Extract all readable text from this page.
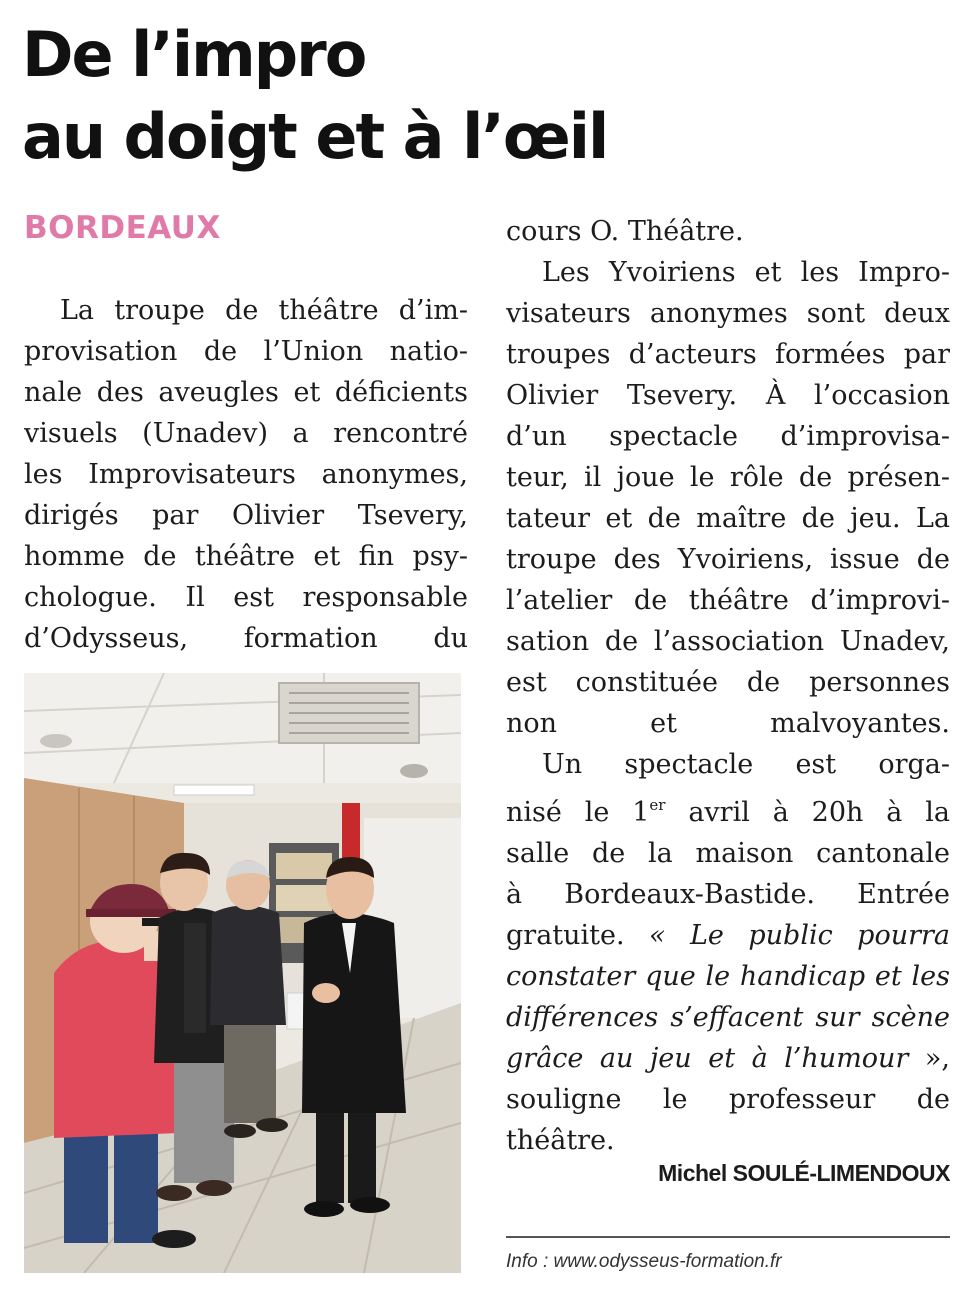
De l’impro
au doigt et à l’œil
BORDEAUX

La troupe de théâtre d’im-
provisation de l’Union natio-
nale des aveugles et déficients
visuels (Unadev) a rencontré
les Improvisateurs anonymes,
dirigés par Olivier Tsevery,
homme de théâtre et fin psy-
chologue. Il est responsable
d’Odysseus, formation du

cours O. Théâtre.

Les Yvoiriens et les Impro-
visateurs anonymes sont deux
troupes d’acteurs formées par
Olivier Tsevery. À l’occasion
d’un spectacle d’improvisa-
teur, il joue le rôle de présen-
tateur et de maître de jeu. La
troupe des Yvoiriens, issue de
l’atelier de théâtre d’improvi-
sation de l’association Unadev,
est constituée de personnes
non et malvoyantes.

Un spectacle est orga-
nisé le 1er avril à 20h à la
salle de la maison cantonale
à Bordeaux-Bastide. Entrée
gratuite. « Le public pourra
constater que le handicap et les
différences s’effacent sur scène
grâce au jeu et à l’humour »,
souligne le professeur de
théâtre.

Michel SOULÉ-LIMENDOUX
Info : www.odysseus-formation.fr
